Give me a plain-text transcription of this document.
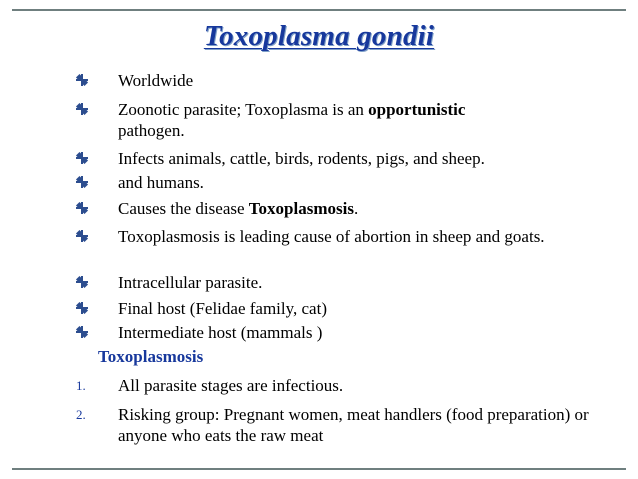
Toxoplasma gondii
Worldwide
Zoonotic parasite; Toxoplasma is an opportunistic
pathogen.
Infects animals, cattle, birds, rodents, pigs, and sheep.
and humans.
Causes the disease Toxoplasmosis.
Toxoplasmosis is leading cause of abortion in sheep and goats.
Intracellular parasite.
Final host (Felidae family, cat)
Intermediate host (mammals )
Toxoplasmosis
1. All parasite stages are infectious.
2. Risking group: Pregnant women, meat handlers (food preparation) or anyone who eats the raw meat
